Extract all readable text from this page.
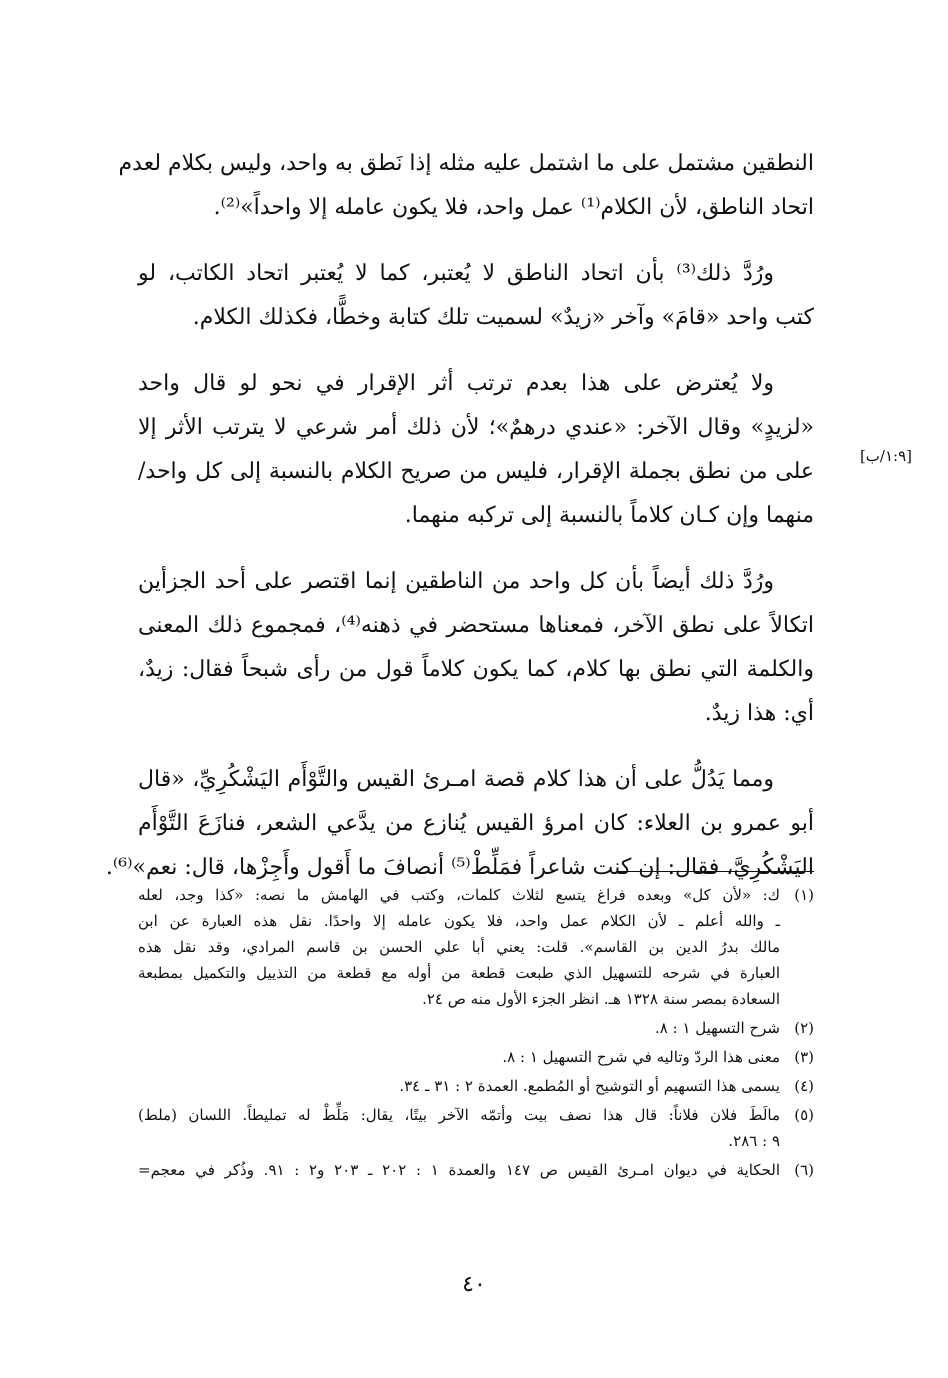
النطقين مشتمل على ما اشتمل عليه مثله إذا نَطق به واحد، وليس بكلام لعدم
اتحاد الناطق، لأن الكلام⁽¹⁾ عمل واحد، فلا يكون عامله إلا واحداً»⁽²⁾.

ورُدَّ ذلك⁽³⁾ بأن اتحاد الناطق لا يُعتبر، كما لا يُعتبر اتحاد الكاتب، لو
كتب واحد «قامَ» وآخر «زيدٌ» لسميت تلك كتابة وخطًّا، فكذلك الكلام.

ولا يُعترض على هذا بعدم ترتب أثر الإقرار في نحو لو قال واحد
«لزيدٍ» وقال الآخر: «عندي درهمٌ»؛ لأن ذلك أمر شرعي لا يترتب الأثر إلا
على من نطق بجملة الإقرار، فليس من صريح الكلام بالنسبة إلى كل واحد/
منهما وإن كـان كلاماً بالنسبة إلى تركبه منهما.

ورُدَّ ذلك أيضاً بأن كل واحد من الناطقين إنما اقتصر على أحد الجزأين
اتكالاً على نطق الآخر، فمعناها مستحضر في ذهنه⁽⁴⁾، فمجموع ذلك المعنى
والكلمة التي نطق بها كلام، كما يكون كلاماً قول من رأى شبحاً فقال: زيدٌ،
أي: هذا زيدٌ.

ومما يَدُلُّ على أن هذا كلام قصة امـرئ القيس والتَّوْأَم اليَشْكُرِيِّ، «قال
أبو عمرو بن العلاء: كان امرؤ القيس يُنازع من يدَّعي الشعر، فنازَعَ التَّوْأَم
اليَشْكُرِيَّ، فقال: إن كنت شاعراً فمَلِّطْ⁽⁵⁾ أنصافَ ما أَقول وأَجِزْها، قال: نعم»⁽⁶⁾.

[١:٩/ب]
(١)
ك: «لأن كل» وبعده فراغ يتسع لثلاث كلمات، وكتب في الهامش ما نصه: «كذا وجد، لعله
ـ والله أعلم ـ لأن الكلام عمل واحد، فلا يكون عامله إلا واحدًا. نقل هذه العبارة عن ابن
مالك بدرُ الدين بن القاسم». قلت: يعني أبا علي الحسن بن قاسم المرادي، وقد نقل هذه
العبارة في شرحه للتسهيل الذي طبعت قطعة من أوله مع قطعة من التذييل والتكميل بمطبعة
السعادة بمصر سنة ١٣٢٨ هـ. انظر الجزء الأول منه ص ٢٤.
(٢)
شرح التسهيل ١ : ٨.
(٣)
معنى هذا الردّ وتاليه في شرح التسهيل ١ : ٨.
(٤)
يسمى هذا التسهيم أو التوشيح أو المُطمع. العمدة ٢ : ٣١ ـ ٣٤.
(٥)
مالَطَ فلان فلاناً: قال هذا نصف بيت وأتمّه الآخر بيتًا، يقال: مَلِّطْ له تمليطاً. اللسان (ملط)
٩ : ٢٨٦.
(٦)
الحكاية في ديوان امـرئ القيس ص ١٤٧ والعمدة ١ : ٢٠٢ ـ ٢٠٣ و٢ : ٩١. وذُكر في معجم=
٤٠
